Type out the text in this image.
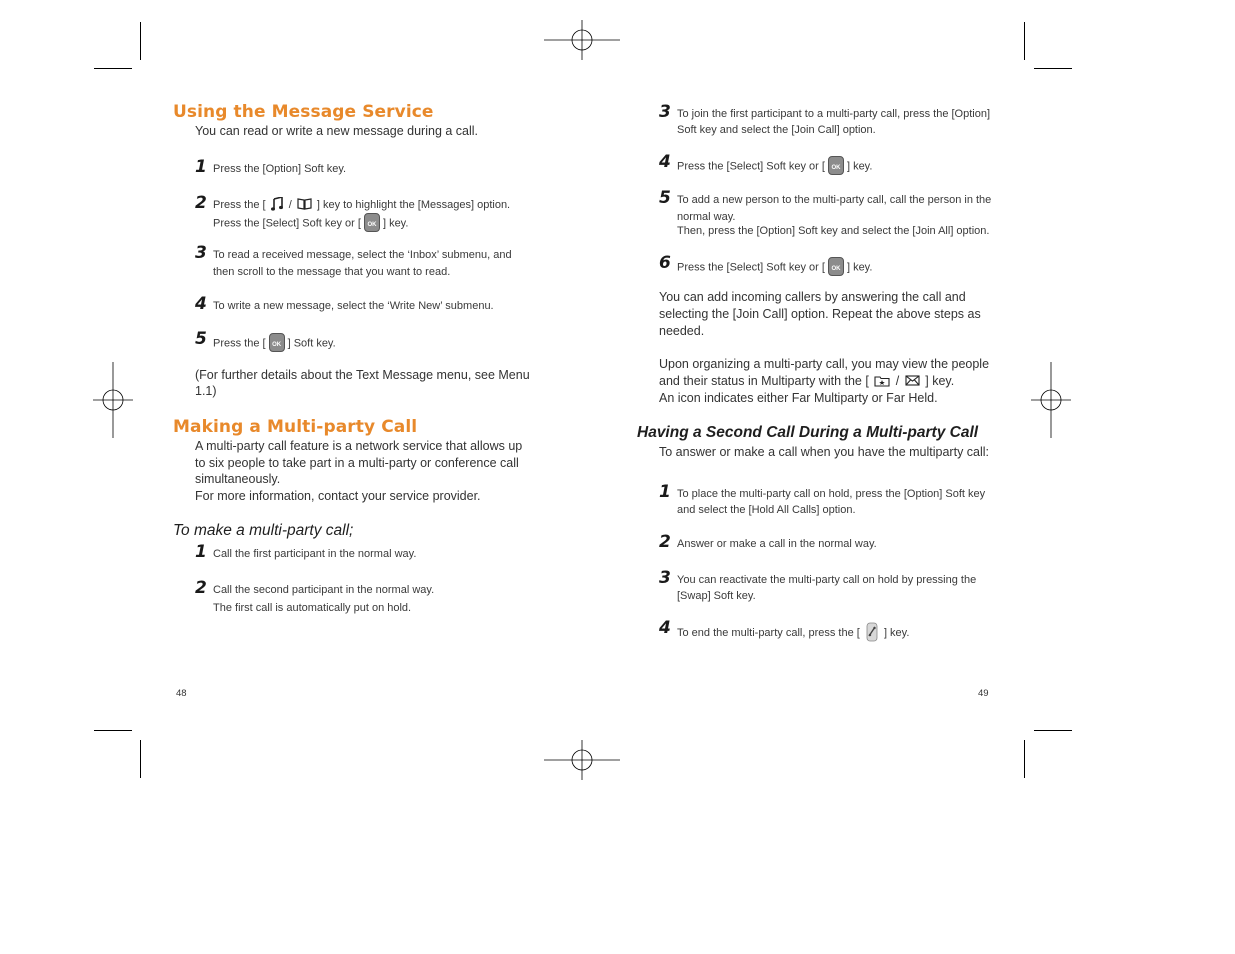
Using the Message Service
You can read or write a new message during a call.
1 Press the [Option] Soft key.
2 Press the [ / ] key to highlight the [Messages] option.
Press the [Select] Soft key or [ OK ] key.
3 To read a received message, select the ‘Inbox’ submenu, and
then scroll to the message that you want to read.
4 To write a new message, select the ‘Write New’ submenu.
5 Press the [ OK ] Soft key.
(For further details about the Text Message menu, see Menu
1.1)
Making a Multi-party Call
A multi-party call feature is a network service that allows up
to six people to take part in a multi-party or conference call
simultaneously.
For more information, contact your service provider.
To make a multi-party call;
1 Call the first participant in the normal way.
2 Call the second participant in the normal way.
The first call is automatically put on hold.
48
3 To join the first participant to a multi-party call, press the [Option]
Soft key and select the [Join Call] option.
4 Press the [Select] Soft key or [ OK ] key.
5 To add a new person to the multi-party call, call the person in the
normal way.
Then, press the [Option] Soft key and select the [Join All] option.
6 Press the [Select] Soft key or [ OK ] key.
You can add incoming callers by answering the call and
selecting the [Join Call] option. Repeat the above steps as
needed.
Upon organizing a multi-party call, you may view the people
and their status in Multiparty with the [ / ] key.
An icon indicates either Far Multiparty or Far Held.
Having a Second Call During a Multi-party Call
To answer or make a call when you have the multiparty call:
1 To place the multi-party call on hold, press the [Option] Soft key
and select the [Hold All Calls] option.
2 Answer or make a call in the normal way.
3 You can reactivate the multi-party call on hold by pressing the
[Swap] Soft key.
4 To end the multi-party call, press the [ ] key.
49
